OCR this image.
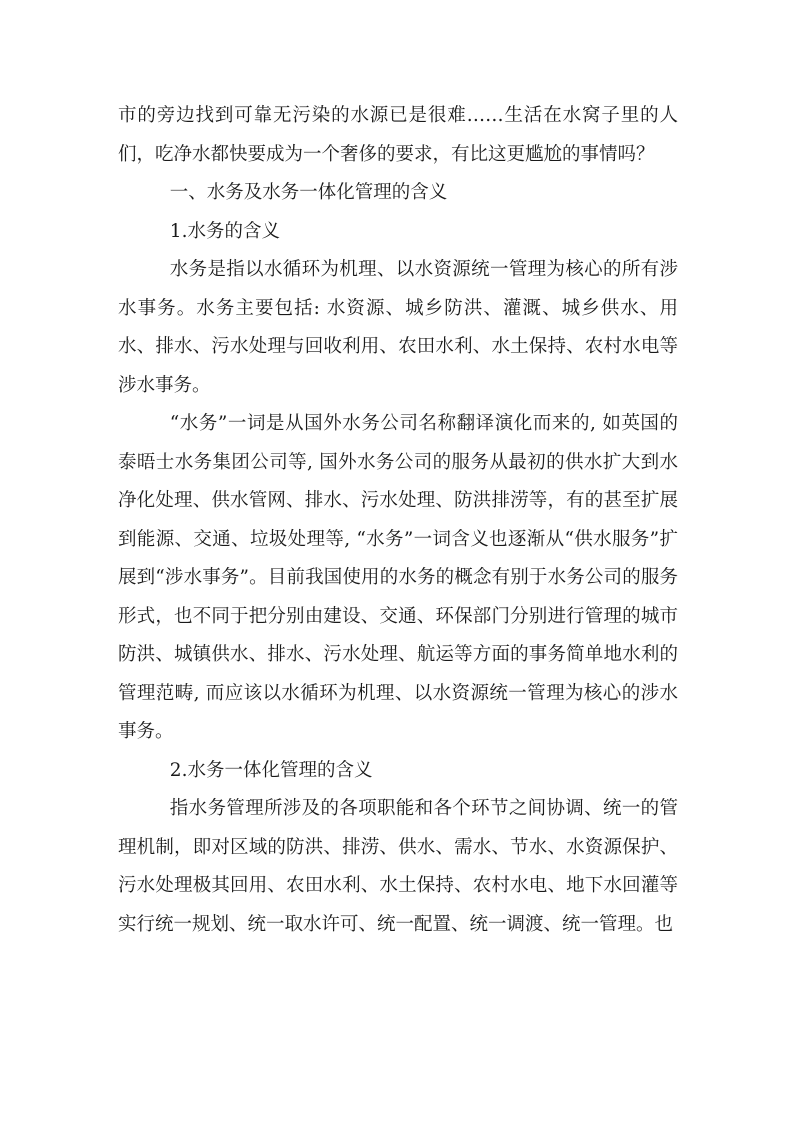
市的旁边找到可靠无污染的水源已是很难……生活在水窝子里的人们，吃净水都快要成为一个奢侈的要求，有比这更尴尬的事情吗？

一、水务及水务一体化管理的含义

1.水务的含义

水务是指以水循环为机理、以水资源统一管理为核心的所有涉水事务。水务主要包括: 水资源、城乡防洪、灌溉、城乡供水、用水、排水、污水处理与回收利用、农田水利、水土保持、农村水电等涉水事务。

“水务”一词是从国外水务公司名称翻译演化而来的, 如英国的泰晤士水务集团公司等, 国外水务公司的服务从最初的供水扩大到水净化处理、供水管网、排水、污水处理、防洪排涝等，有的甚至扩展到能源、交通、垃圾处理等, “水务”一词含义也逐渐从“供水服务”扩展到“涉水事务”。目前我国使用的水务的概念有别于水务公司的服务形式，也不同于把分别由建设、交通、环保部门分别进行管理的城市防洪、城镇供水、排水、污水处理、航运等方面的事务简单地水利的管理范畴, 而应该以水循环为机理、以水资源统一管理为核心的涉水事务。

2.水务一体化管理的含义

指水务管理所涉及的各项职能和各个环节之间协调、统一的管理机制，即对区域的防洪、排涝、供水、需水、节水、水资源保护、污水处理极其回用、农田水利、水土保持、农村水电、地下水回灌等实行统一规划、统一取水许可、统一配置、统一调渡、统一管理。也
